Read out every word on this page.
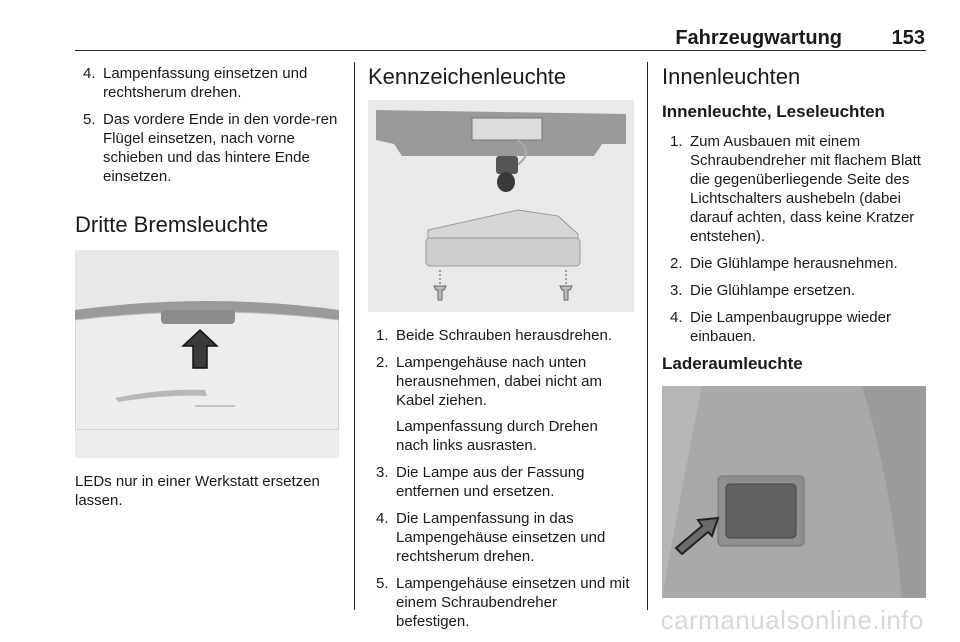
Fahrzeugwartung 153
4. Lampenfassung einsetzen und rechtsherum drehen.
5. Das vordere Ende in den vorde‐ren Flügel einsetzen, nach vorne schieben und das hintere Ende einsetzen.
Dritte Bremsleuchte

LEDs nur in einer Werkstatt ersetzen lassen.

Kennzeichenleuchte
1. Beide Schrauben herausdrehen.
2. Lampengehäuse nach unten herausnehmen, dabei nicht am Kabel ziehen.
Lampenfassung durch Drehen nach links ausrasten.
3. Die Lampe aus der Fassung entfernen und ersetzen.
4. Die Lampenfassung in das Lampengehäuse einsetzen und rechtsherum drehen.
5. Lampengehäuse einsetzen und mit einem Schraubendreher befestigen.
Innenleuchten
Innenleuchte, Leseleuchten
1. Zum Ausbauen mit einem Schraubendreher mit flachem Blatt die gegenüberliegende Seite des Lichtschalters aushebeln (dabei darauf achten, dass keine Kratzer entstehen).
2. Die Glühlampe herausnehmen.
3. Die Glühlampe ersetzen.
4. Die Lampenbaugruppe wieder einbauen.
Laderaumleuchte
carmanualsonline.info
